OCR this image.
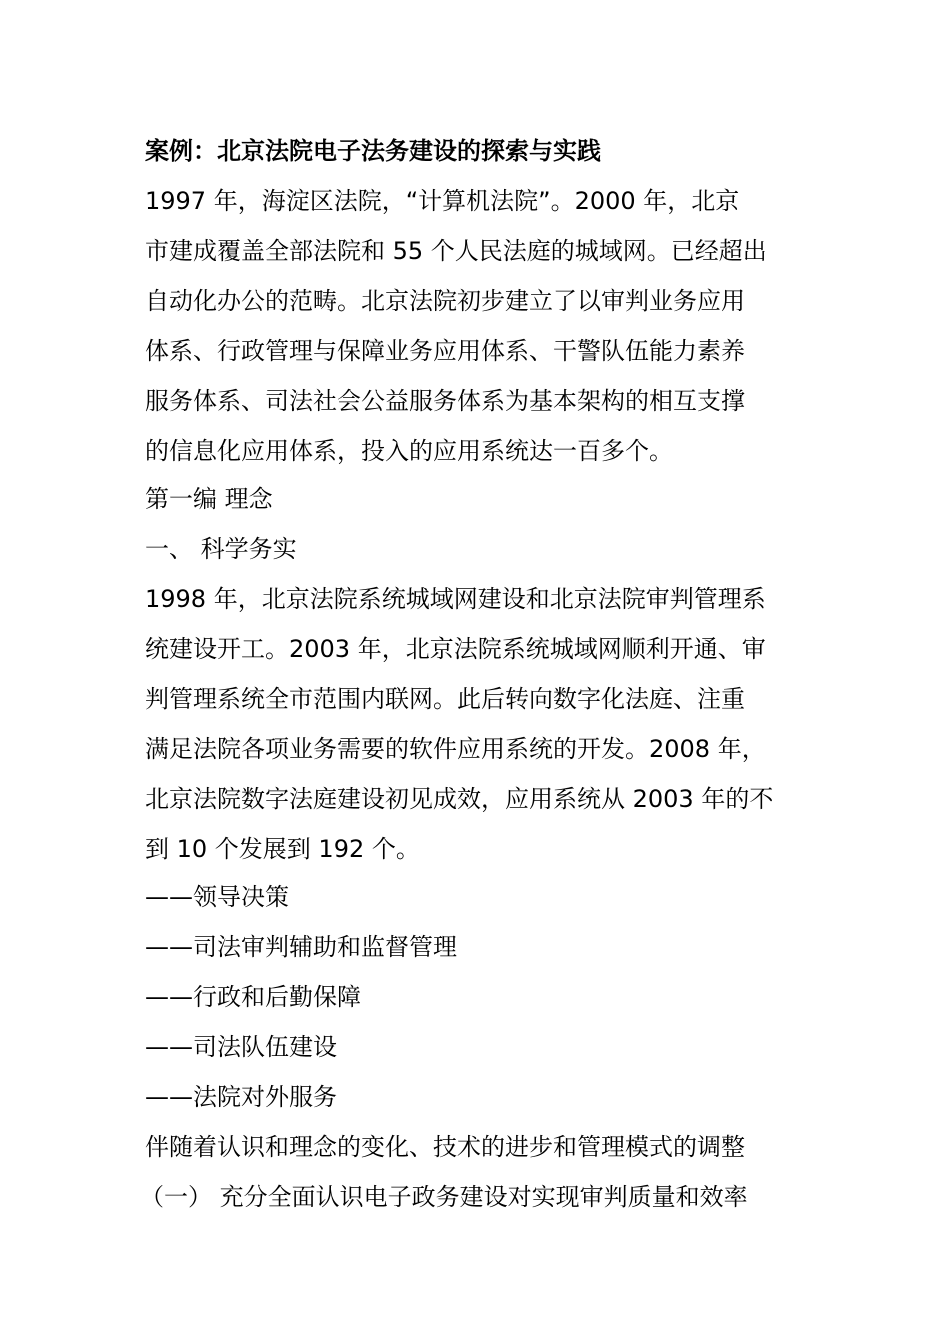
案例：北京法院电子法务建设的探索与实践
1997 年，海淀区法院，“计算机法院”。2000 年，北京
市建成覆盖全部法院和 55 个人民法庭的城域网。已经超出
自动化办公的范畴。北京法院初步建立了以审判业务应用
体系、行政管理与保障业务应用体系、干警队伍能力素养
服务体系、司法社会公益服务体系为基本架构的相互支撑
的信息化应用体系，投入的应用系统达一百多个。
第一编 理念
一、 科学务实
1998 年，北京法院系统城域网建设和北京法院审判管理系
统建设开工。2003 年，北京法院系统城域网顺利开通、审
判管理系统全市范围内联网。此后转向数字化法庭、注重
满足法院各项业务需要的软件应用系统的开发。2008 年，
北京法院数字法庭建设初见成效，应用系统从 2003 年的不
到 10 个发展到 192 个。
——领导决策
——司法审判辅助和监督管理
——行政和后勤保障
——司法队伍建设
——法院对外服务
伴随着认识和理念的变化、技术的进步和管理模式的调整
（一） 充分全面认识电子政务建设对实现审判质量和效率
